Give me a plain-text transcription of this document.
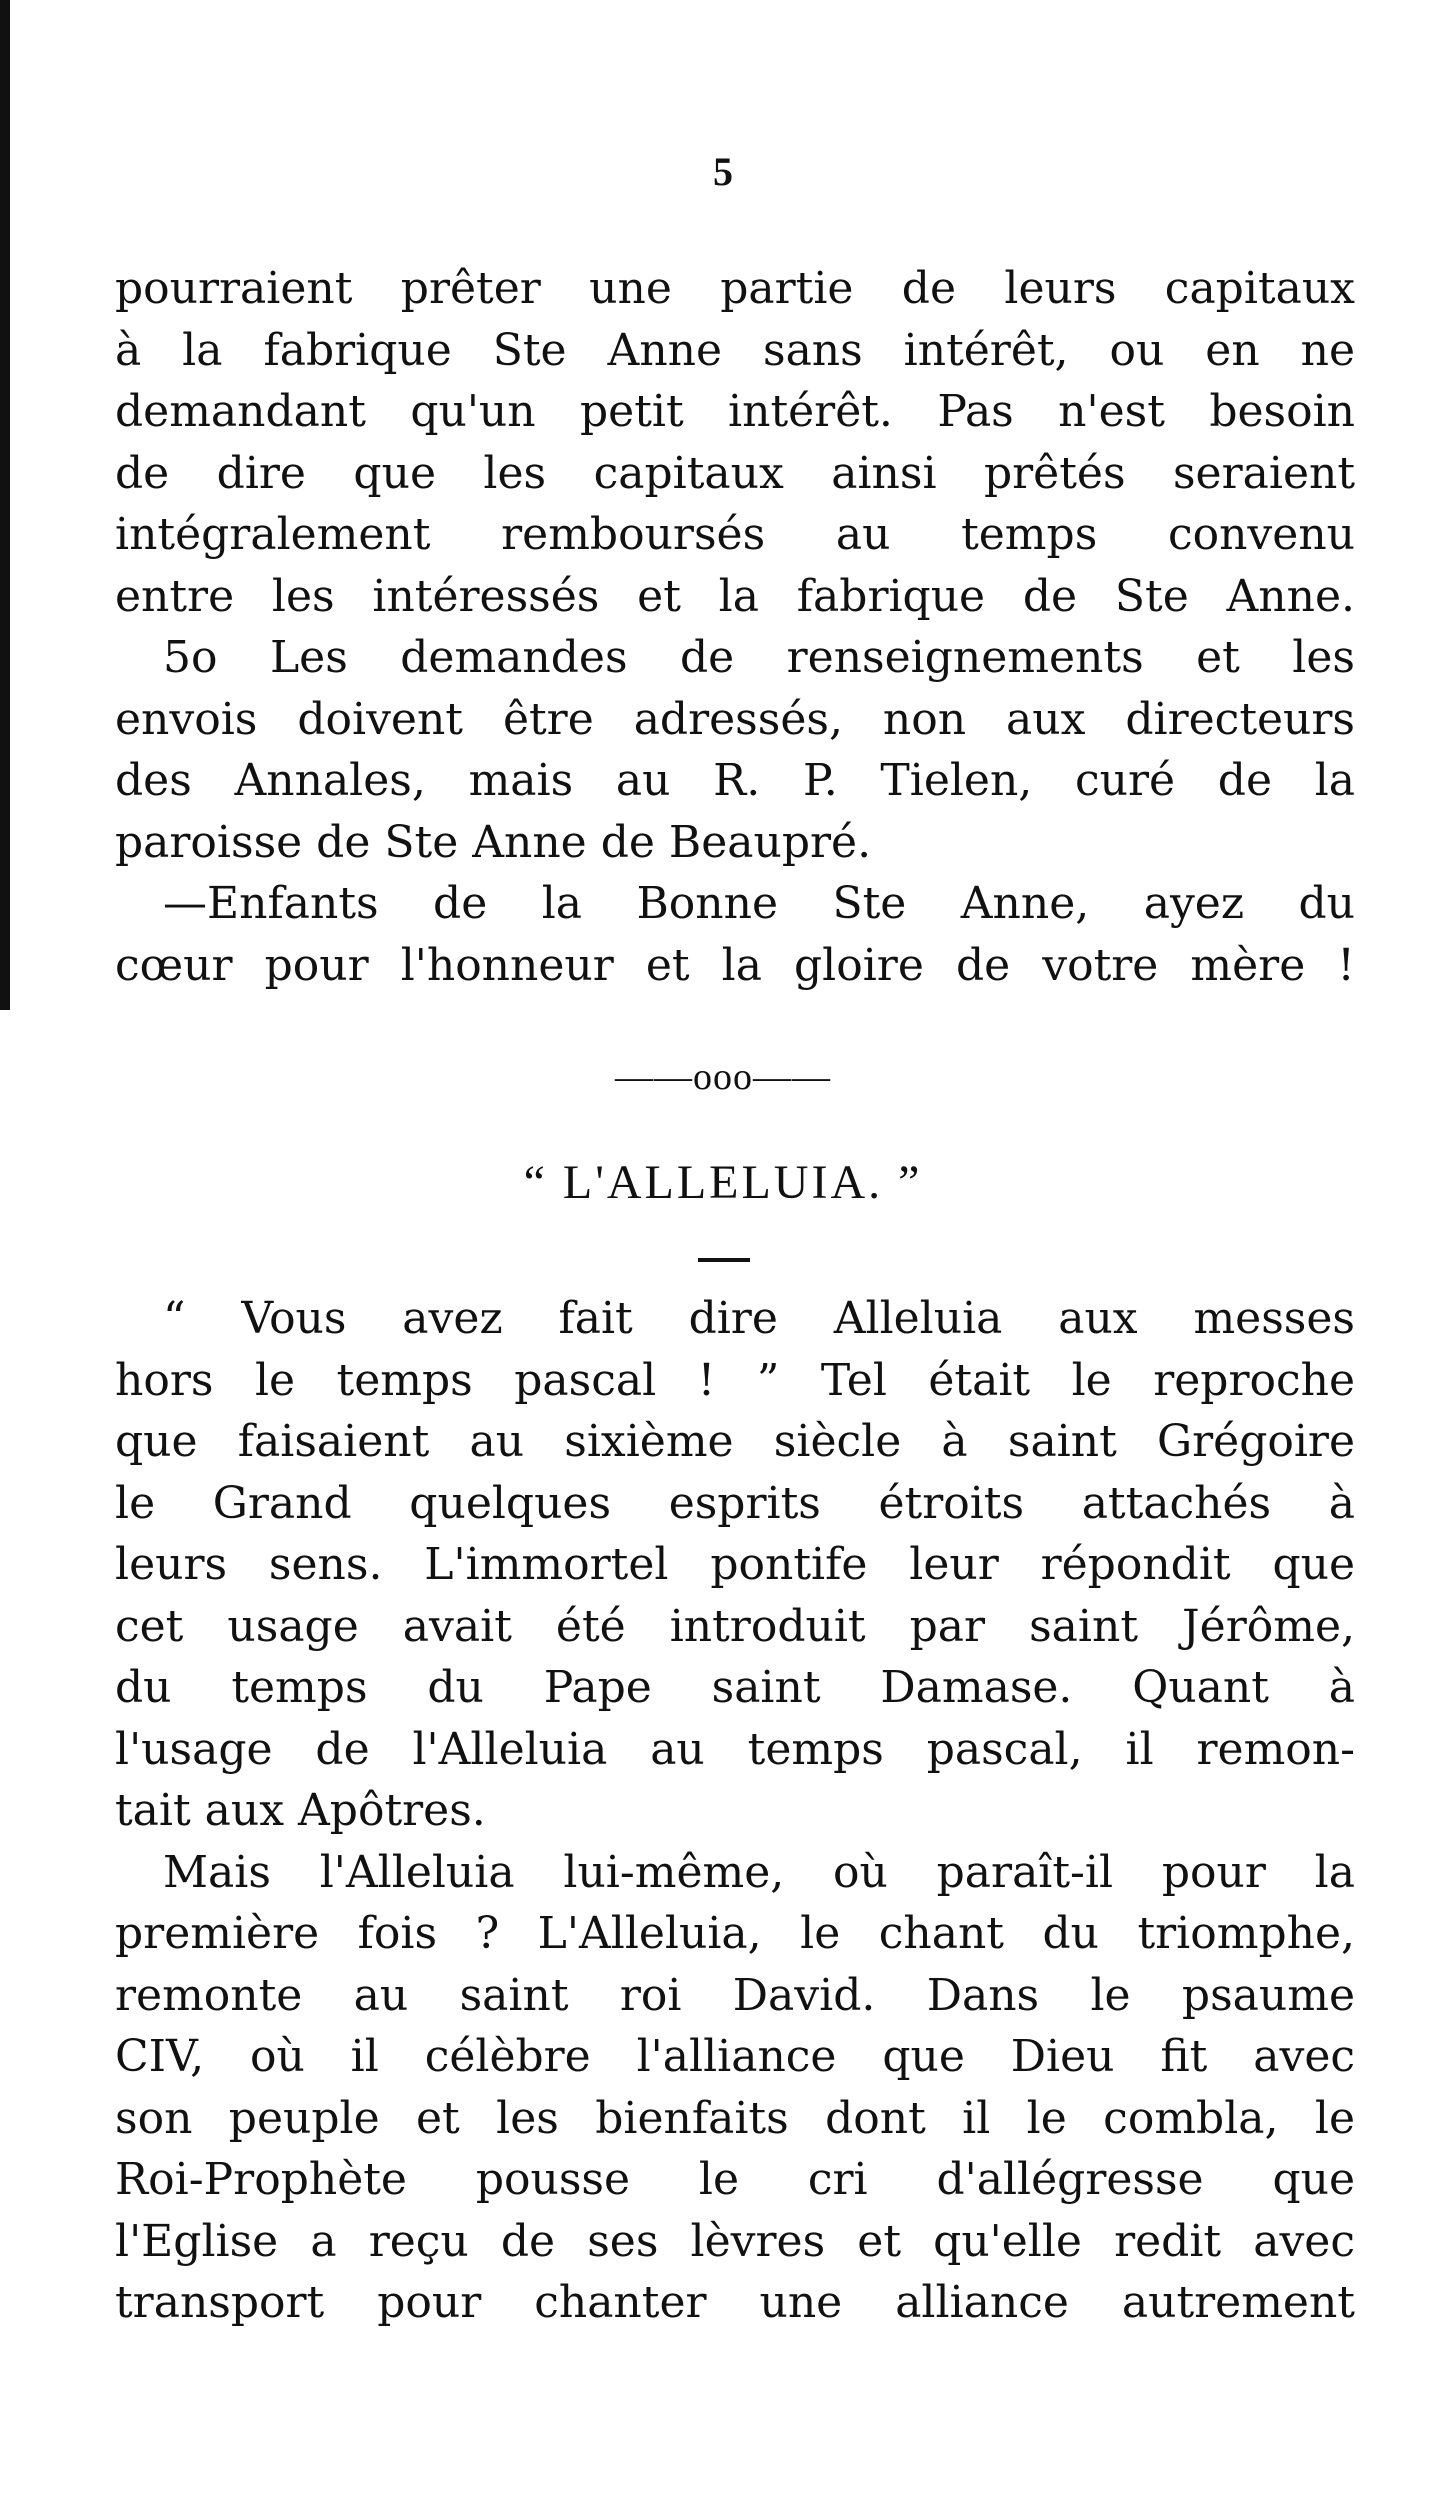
5
pourraient prêter une partie de leurs capitaux
à la fabrique Ste Anne sans intérêt, ou en ne
demandant qu'un petit intérêt. Pas n'est besoin
de dire que les capitaux ainsi prêtés seraient
intégralement remboursés au temps convenu
entre les intéressés et la fabrique de Ste Anne.
5o Les demandes de renseignements et les
envois doivent être adressés, non aux directeurs
des Annales, mais au R. P. Tielen, curé de la
paroisse de Ste Anne de Beaupré.
—Enfants de la Bonne Ste Anne, ayez du
cœur pour l'honneur et la gloire de votre mère !
——ooo——
“ L'ALLELUIA. ”
“ Vous avez fait dire Alleluia aux messes
hors le temps pascal ! ” Tel était le reproche
que faisaient au sixième siècle à saint Grégoire
le Grand quelques esprits étroits attachés à
leurs sens. L'immortel pontife leur répondit que
cet usage avait été introduit par saint Jérôme,
du temps du Pape saint Damase. Quant à
l'usage de l'Alleluia au temps pascal, il remon-
tait aux Apôtres.
Mais l'Alleluia lui-même, où paraît-il pour la
première fois ? L'Alleluia, le chant du triomphe,
remonte au saint roi David. Dans le psaume
CIV, où il célèbre l'alliance que Dieu fit avec
son peuple et les bienfaits dont il le combla, le
Roi-Prophète pousse le cri d'allégresse que
l'Eglise a reçu de ses lèvres et qu'elle redit avec
transport pour chanter une alliance autrement
